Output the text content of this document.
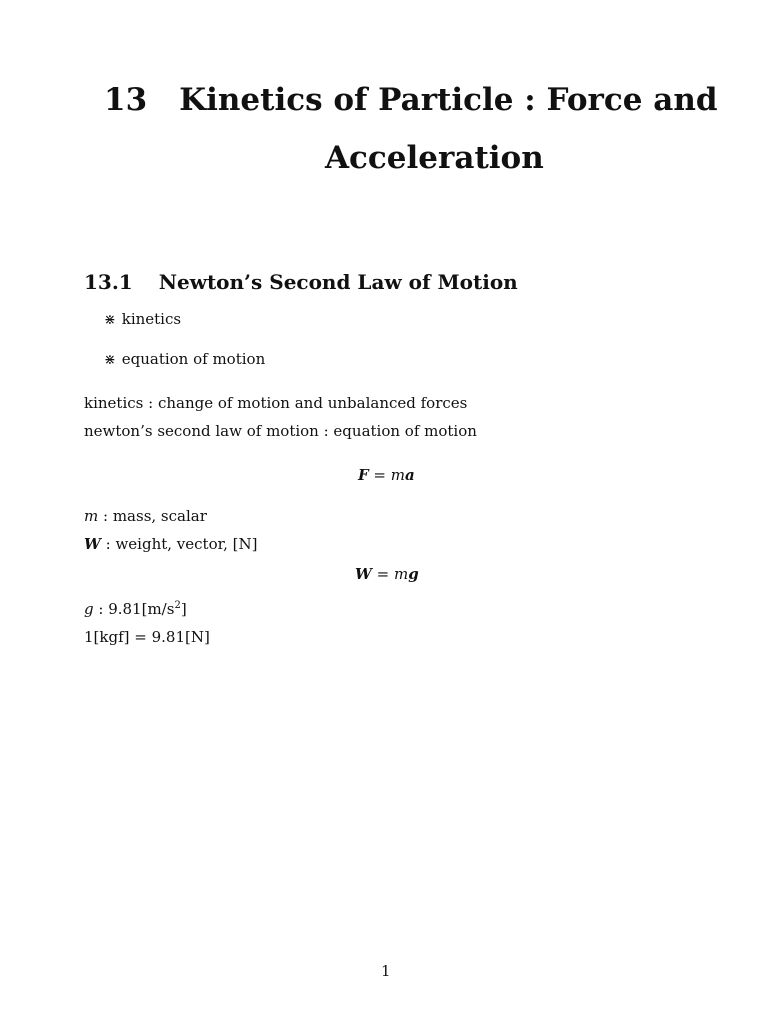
13 Kinetics of Particle : Force and
Acceleration
13.1 Newton’s Second Law of Motion
⋇ kinetics
⋇ equation of motion
kinetics : change of motion and unbalanced forces
newton’s second law of motion : equation of motion
F = ma
m : mass, scalar
W : weight, vector, [N]
W = mg
g : $9.81[m/s^2]$
1[kgf] = 9.81[N]
1
